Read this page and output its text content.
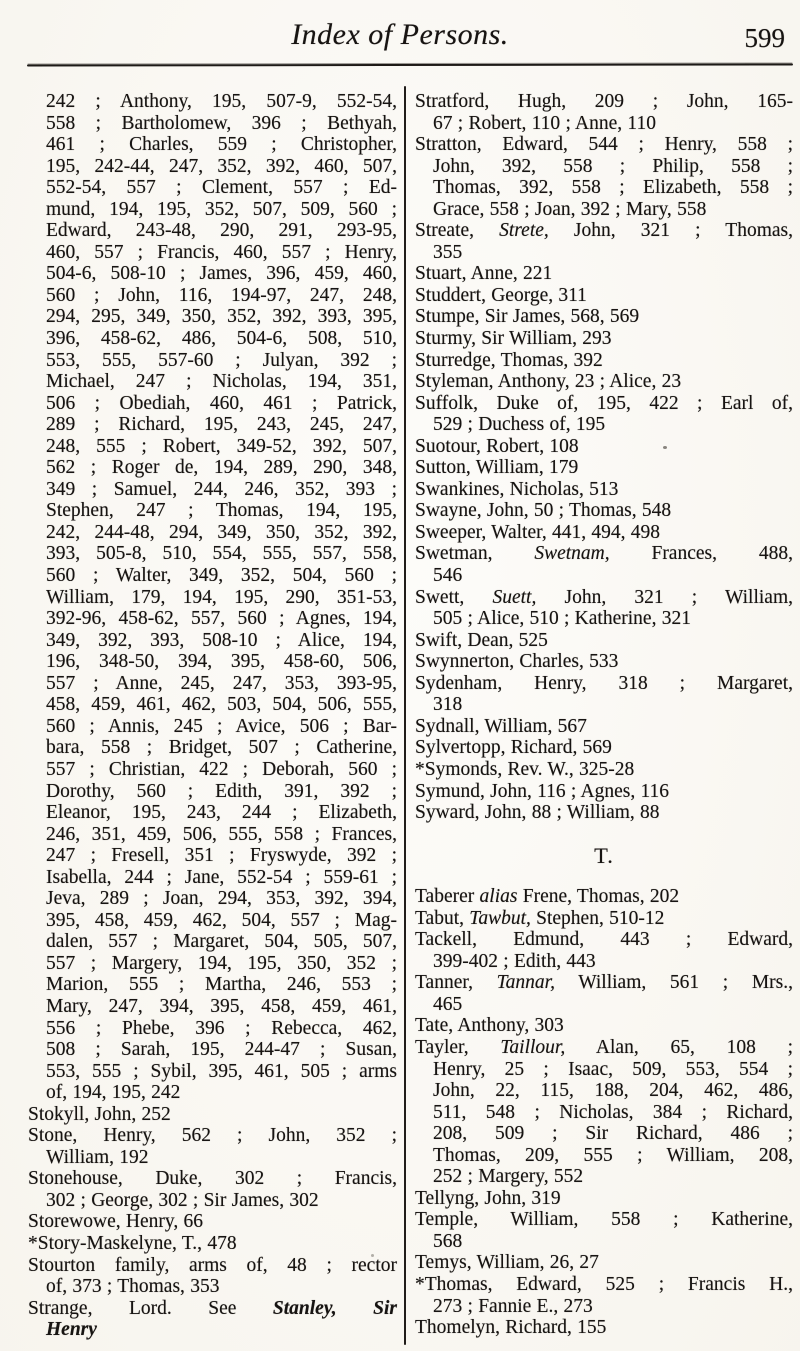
Index of Persons.	599
242 ; Anthony, 195, 507-9, 552-54,
558 ; Bartholomew, 396 ; Bethyah,
461 ; Charles, 559 ; Christopher,
195, 242-44, 247, 352, 392, 460, 507,
552-54, 557 ; Clement, 557 ; Ed-
mund, 194, 195, 352, 507, 509, 560 ;
Edward, 243-48, 290, 291, 293-95,
460, 557 ; Francis, 460, 557 ; Henry,
504-6, 508-10 ; James, 396, 459, 460,
560 ; John, 116, 194-97, 247, 248,
294, 295, 349, 350, 352, 392, 393, 395,
396, 458-62, 486, 504-6, 508, 510,
553, 555, 557-60 ; Julyan, 392 ;
Michael, 247 ; Nicholas, 194, 351,
506 ; Obediah, 460, 461 ; Patrick,
289 ; Richard, 195, 243, 245, 247,
248, 555 ; Robert, 349-52, 392, 507,
562 ; Roger de, 194, 289, 290, 348,
349 ; Samuel, 244, 246, 352, 393 ;
Stephen, 247 ; Thomas, 194, 195,
242, 244-48, 294, 349, 350, 352, 392,
393, 505-8, 510, 554, 555, 557, 558,
560 ; Walter, 349, 352, 504, 560 ;
William, 179, 194, 195, 290, 351-53,
392-96, 458-62, 557, 560 ; Agnes, 194,
349, 392, 393, 508-10 ; Alice, 194,
196, 348-50, 394, 395, 458-60, 506,
557 ; Anne, 245, 247, 353, 393-95,
458, 459, 461, 462, 503, 504, 506, 555,
560 ; Annis, 245 ; Avice, 506 ; Bar-
bara, 558 ; Bridget, 507 ; Catherine,
557 ; Christian, 422 ; Deborah, 560 ;
Dorothy, 560 ; Edith, 391, 392 ;
Eleanor, 195, 243, 244 ; Elizabeth,
246, 351, 459, 506, 555, 558 ; Frances,
247 ; Fresell, 351 ; Fryswyde, 392 ;
Isabella, 244 ; Jane, 552-54 ; 559-61 ;
Jeva, 289 ; Joan, 294, 353, 392, 394,
395, 458, 459, 462, 504, 557 ; Mag-
dalen, 557 ; Margaret, 504, 505, 507,
557 ; Margery, 194, 195, 350, 352 ;
Marion, 555 ; Martha, 246, 553 ;
Mary, 247, 394, 395, 458, 459, 461,
556 ; Phebe, 396 ; Rebecca, 462,
508 ; Sarah, 195, 244-47 ; Susan,
553, 555 ; Sybil, 395, 461, 505 ; arms
of, 194, 195, 242
Stokyll, John, 252
Stone, Henry, 562 ; John, 352 ;
William, 192
Stonehouse, Duke, 302 ; Francis,
302 ; George, 302 ; Sir James, 302
Storewowe, Henry, 66
*Story-Maskelyne, T., 478
Stourton family, arms of, 48 ; rector
of, 373 ; Thomas, 353
Strange, Lord. See Stanley, Sir
Henry
Stratford, Hugh, 209 ; John, 165-
67 ; Robert, 110 ; Anne, 110
Stratton, Edward, 544 ; Henry, 558 ;
John, 392, 558 ; Philip, 558 ;
Thomas, 392, 558 ; Elizabeth, 558 ;
Grace, 558 ; Joan, 392 ; Mary, 558
Streate, Strete, John, 321 ; Thomas,
355
Stuart, Anne, 221
Studdert, George, 311
Stumpe, Sir James, 568, 569
Sturmy, Sir William, 293
Sturredge, Thomas, 392
Styleman, Anthony, 23 ; Alice, 23
Suffolk, Duke of, 195, 422 ; Earl of,
529 ; Duchess of, 195
Suotour, Robert, 108
Sutton, William, 179
Swankines, Nicholas, 513
Swayne, John, 50 ; Thomas, 548
Sweeper, Walter, 441, 494, 498
Swetman, Swetnam, Frances, 488,
546
Swett, Suett, John, 321 ; William,
505 ; Alice, 510 ; Katherine, 321
Swift, Dean, 525
Swynnerton, Charles, 533
Sydenham, Henry, 318 ; Margaret,
318
Sydnall, William, 567
Sylvertopp, Richard, 569
*Symonds, Rev. W., 325-28
Symund, John, 116 ; Agnes, 116
Syward, John, 88 ; William, 88
T.
Taberer alias Frene, Thomas, 202
Tabut, Tawbut, Stephen, 510-12
Tackell, Edmund, 443 ; Edward,
399-402 ; Edith, 443
Tanner, Tannar, William, 561 ; Mrs.,
465
Tate, Anthony, 303
Tayler, Taillour, Alan, 65, 108 ;
Henry, 25 ; Isaac, 509, 553, 554 ;
John, 22, 115, 188, 204, 462, 486,
511, 548 ; Nicholas, 384 ; Richard,
208, 509 ; Sir Richard, 486 ;
Thomas, 209, 555 ; William, 208,
252 ; Margery, 552
Tellyng, John, 319
Temple, William, 558 ; Katherine,
568
Temys, William, 26, 27
*Thomas, Edward, 525 ; Francis H.,
273 ; Fannie E., 273
Thomelyn, Richard, 155
